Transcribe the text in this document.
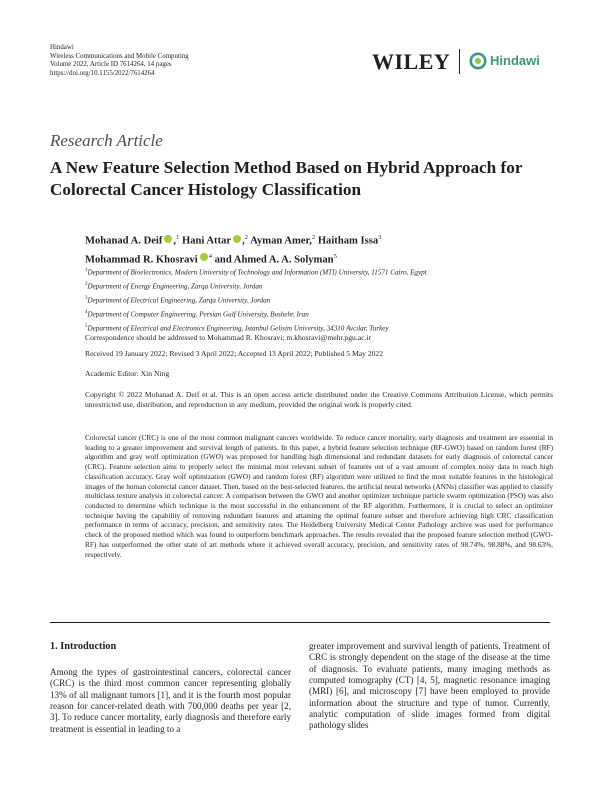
Hindawi
Wireless Communications and Mobile Computing
Volume 2022, Article ID 7614264, 14 pages
https://doi.org/10.1155/2022/7614264	WILEY	Hindawi
Research Article
A New Feature Selection Method Based on Hybrid Approach for Colorectal Cancer Histology Classification
Mohanad A. Deif ,$^1$ Hani Attar ,$^2$ Ayman Amer,$^2$ Haitham Issa$^3$
Mohammad R. Khosravi $^4$ and Ahmed A. A. Solyman$^5$
$^1$Department of Bioelectronics, Modern University of Technology and Information (MTI) University, 11571 Cairo, Egypt
$^2$Department of Energy Engineering, Zarqa University, Jordan
$^3$Department of Electrical Engineering, Zarqa University, Jordan
$^4$Department of Computer Engineering, Persian Gulf University, Bushehr, Iran
$^5$Department of Electrical and Electronics Engineering, Istanbul Gelisim University, 34310 Avcılar, Turkey
Correspondence should be addressed to Mohammad R. Khosravi; m.khosravi@mehr.pgu.ac.ir
Received 19 January 2022; Revised 3 April 2022; Accepted 13 April 2022; Published 5 May 2022
Academic Editor: Xin Ning
Copyright © 2022 Mohanad A. Deif et al. This is an open access article distributed under the Creative Commons Attribution License, which permits unrestricted use, distribution, and reproduction in any medium, provided the original work is properly cited.
Colorectal cancer (CRC) is one of the most common malignant cancers worldwide. To reduce cancer mortality, early diagnosis and treatment are essential in leading to a greater improvement and survival length of patients. In this paper, a hybrid feature selection technique (RF-GWO) based on random forest (RF) algorithm and gray wolf optimization (GWO) was proposed for handling high dimensional and redundant datasets for early diagnosis of colorectal cancer (CRC). Feature selection aims to properly select the minimal most relevant subset of features out of a vast amount of complex noisy data to reach high classification accuracy. Gray wolf optimization (GWO) and random forest (RF) algorithm were utilized to find the most suitable features in the histological images of the human colorectal cancer dataset. Then, based on the best-selected features, the artificial neural networks (ANNs) classifier was applied to classify multiclass texture analysis in colorectal cancer. A comparison between the GWO and another optimizer technique particle swarm optimization (PSO) was also conducted to determine which technique is the most successful in the enhancement of the RF algorithm. Furthermore, it is crucial to select an optimizer technique having the capability of removing redundant features and attaining the optimal feature subset and therefore achieving high CRC classification performance in terms of accuracy, precision, and sensitivity rates. The Heidelberg University Medical Center Pathology archive was used for performance check of the proposed method which was found to outperform benchmark approaches. The results revealed that the proposed feature selection method (GWO-RF) has outperformed the other state of art methods where it achieved overall accuracy, precision, and sensitivity rates of 98.74%, 98.88%, and 98.63%, respectively.
1. Introduction
Among the types of gastrointestinal cancers, colorectal cancer (CRC) is the third most common cancer representing globally 13% of all malignant tumors [1], and it is the fourth most popular reason for cancer-related death with 700,000 deaths per year [2, 3]. To reduce cancer mortality, early diagnosis and therefore early treatment is essential in leading to a
greater improvement and survival length of patients. Treatment of CRC is strongly dependent on the stage of the disease at the time of diagnosis. To evaluate patients, many imaging methods as computed tomography (CT) [4, 5], magnetic resonance imaging (MRI) [6], and microscopy [7] have been employed to provide information about the structure and type of tumor. Currently, analytic computation of slide images formed from digital pathology slides
